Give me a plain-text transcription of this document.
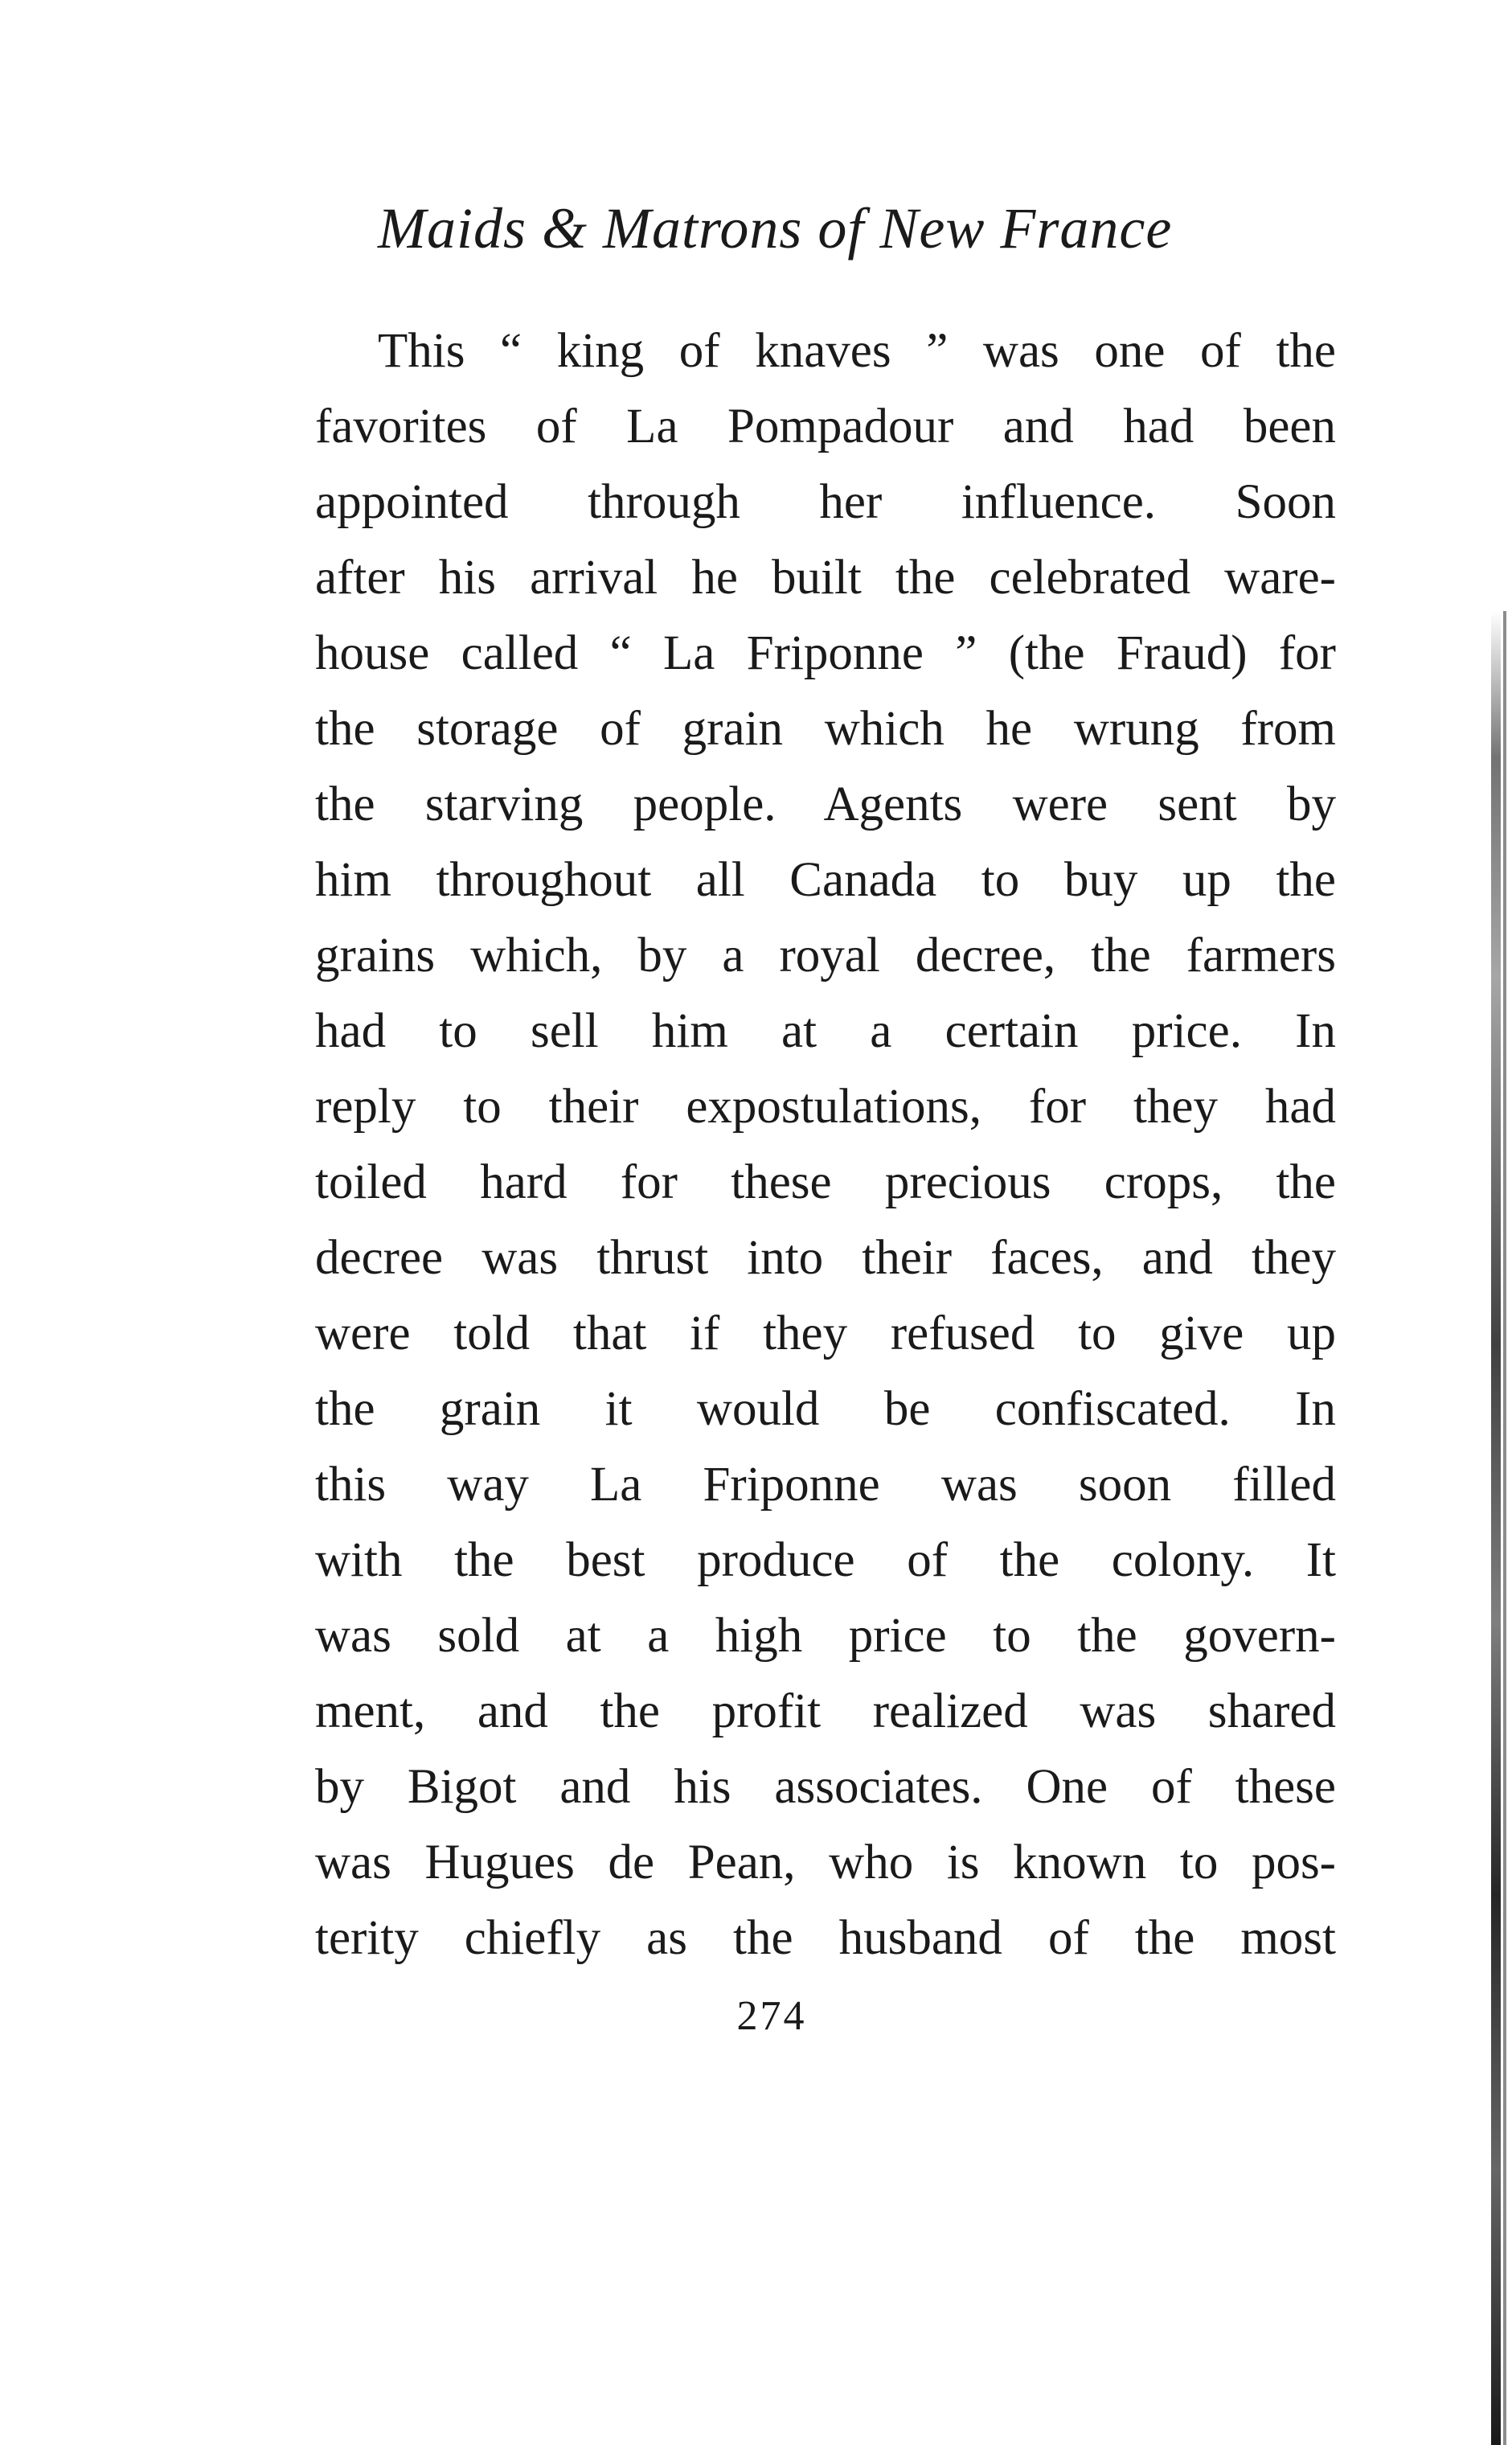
Maids & Matrons of New France
This “ king of knaves ” was one of the
favorites of La Pompadour and had been
appointed through her influence. Soon
after his arrival he built the celebrated ware-
house called “ La Friponne ” (the Fraud) for
the storage of grain which he wrung from
the starving people. Agents were sent by
him throughout all Canada to buy up the
grains which, by a royal decree, the farmers
had to sell him at a certain price. In
reply to their expostulations, for they had
toiled hard for these precious crops, the
decree was thrust into their faces, and they
were told that if they refused to give up
the grain it would be confiscated. In
this way La Friponne was soon filled
with the best produce of the colony. It
was sold at a high price to the govern-
ment, and the profit realized was shared
by Bigot and his associates. One of these
was Hugues de Pean, who is known to pos-
terity chiefly as the husband of the most
274
